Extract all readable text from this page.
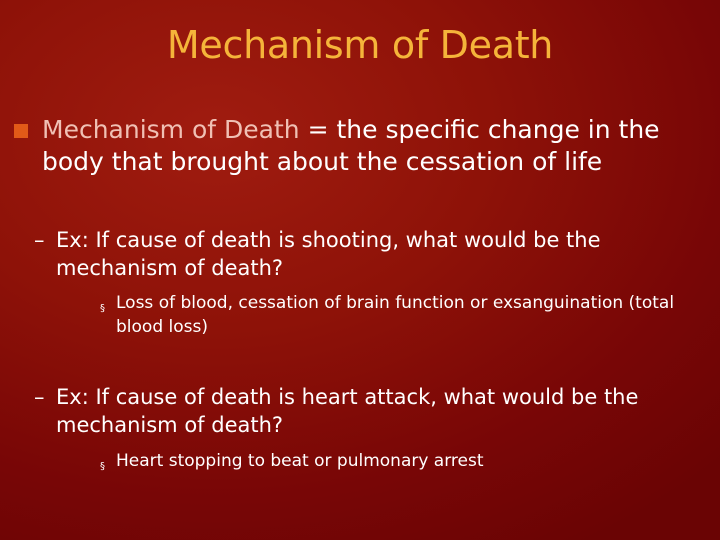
Mechanism of Death
Mechanism of Death = the specific change in the body that brought about the cessation of life
– Ex: If cause of death is shooting, what would be the mechanism of death?
§ Loss of blood, cessation of brain function or exsanguination (total blood loss)
– Ex: If cause of death is heart attack, what would be the mechanism of death?
§ Heart stopping to beat or pulmonary arrest
